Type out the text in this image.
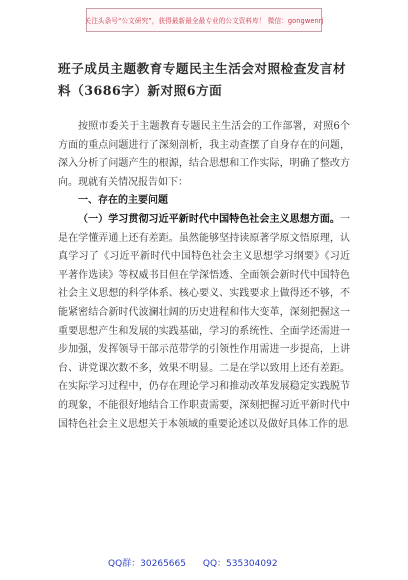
关注头条号“公文研究”，获得最新最全最专业的公文资料库！ 微信：gongwenrj
班子成员主题教育专题民主生活会对照检查发言材料（3686字）新对照6方面

按照市委关于主题教育专题民主生活会的工作部署，对照6个方面的重点问题进行了深刻剖析，我主动查摆了自身存在的问题，深入分析了问题产生的根源，结合思想和工作实际，明确了整改方向。现就有关情况报告如下：

一、存在的主要问题

（一）学习贯彻习近平新时代中国特色社会主义思想方面。一是在学懂弄通上还有差距。虽然能够坚持读原著学原文悟原理，认真学习了《习近平新时代中国特色社会主义思想学习纲要》《习近平著作选读》等权威书目但在学深悟透、全面领会新时代中国特色社会主义思想的科学体系、核心要义、实践要求上做得还不够，不能紧密结合新时代波澜壮阔的历史进程和伟大变革，深刻把握这一重要思想产生和发展的实践基础，学习的系统性、全面学还需进一步加强，发挥领导干部示范带学的引领性作用需进一步提高，上讲台、讲党课次数不多，效果不明显。二是在学以致用上还有差距。在实际学习过程中，仍存在理论学习和推动改革发展稳定实践脱节的现象，不能很好地结合工作职责需要，深刻把握习近平新时代中国特色社会主义思想关于本领域的重要论述以及做好具体工作的思

QQ群：30265665 QQ：535304092
